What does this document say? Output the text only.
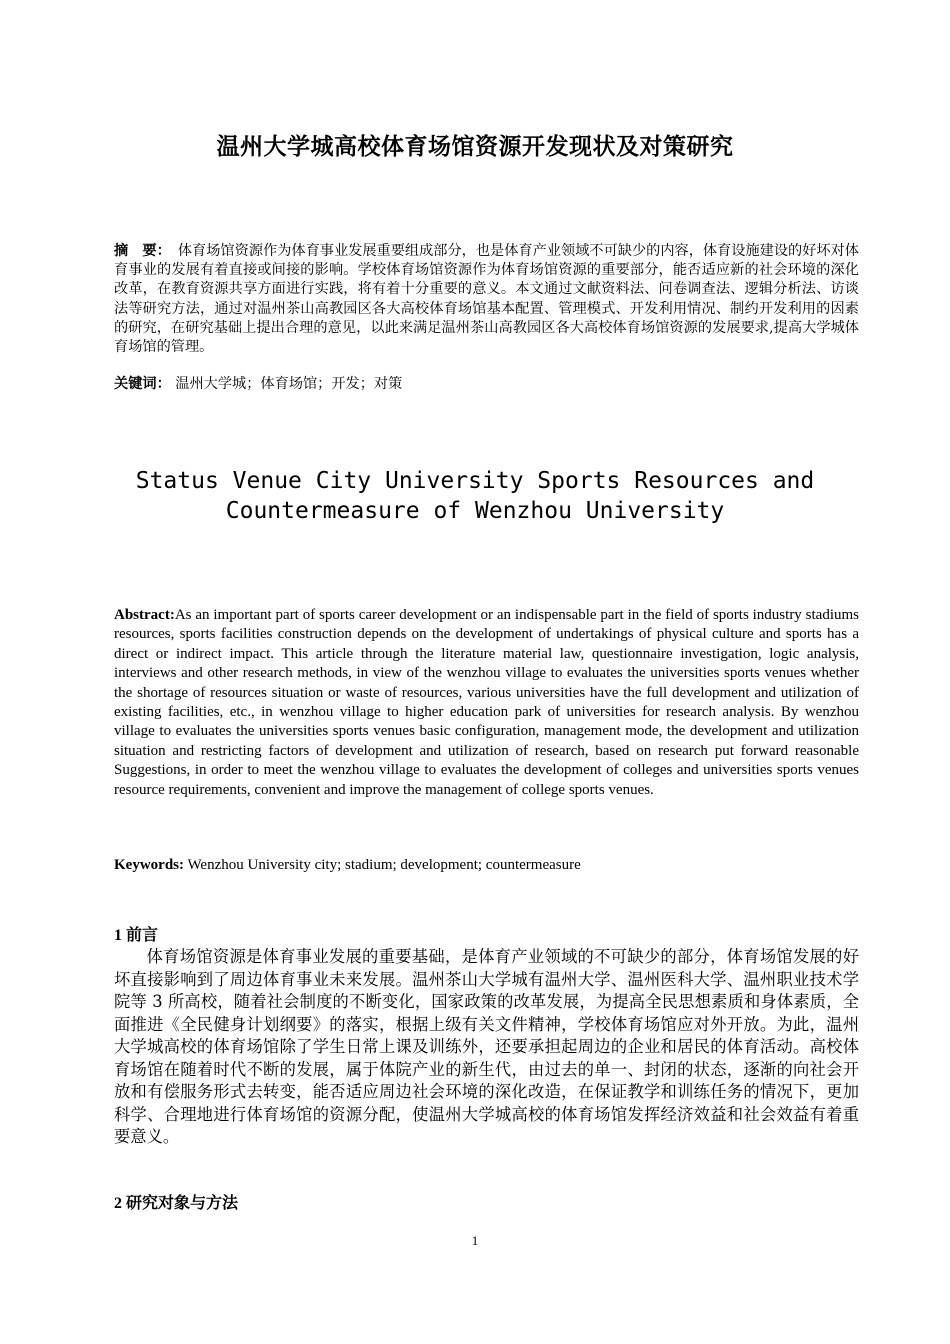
温州大学城高校体育场馆资源开发现状及对策研究
摘　要：　体育场馆资源作为体育事业发展重要组成部分，也是体育产业领域不可缺少的内容，体育设施建设的好坏对体育事业的发展有着直接或间接的影响。学校体育场馆资源作为体育场馆资源的重要部分，能否适应新的社会环境的深化改革，在教育资源共享方面进行实践，将有着十分重要的意义。本文通过文献资料法、问卷调查法、逻辑分析法、访谈法等研究方法，通过对温州茶山高教园区各大高校体育场馆基本配置、管理模式、开发利用情况、制约开发利用的因素的研究，在研究基础上提出合理的意见，以此来满足温州茶山高教园区各大高校体育场馆资源的发展要求,提高大学城体育场馆的管理。
关键词： 温州大学城；体育场馆；开发；对策
Status Venue City University Sports Resources and
Countermeasure of Wenzhou University
Abstract:As an important part of sports career development or an indispensable part in the field of sports industry stadiums resources, sports facilities construction depends on the development of undertakings of physical culture and sports has a direct or indirect impact. This article through the literature material law, questionnaire investigation, logic analysis, interviews and other research methods, in view of the wenzhou village to evaluates the universities sports venues whether the shortage of resources situation or waste of resources, various universities have the full development and utilization of existing facilities, etc., in wenzhou village to higher education park of universities for research analysis. By wenzhou village to evaluates the universities sports venues basic configuration, management mode, the development and utilization situation and restricting factors of development and utilization of research, based on research put forward reasonable Suggestions, in order to meet the wenzhou village to evaluates the development of colleges and universities sports venues resource requirements, convenient and improve the management of college sports venues.
Keywords: Wenzhou University city; stadium; development; countermeasure
1 前言
体育场馆资源是体育事业发展的重要基础，是体育产业领域的不可缺少的部分，体育场馆发展的好坏直接影响到了周边体育事业未来发展。温州茶山大学城有温州大学、温州医科大学、温州职业技术学院等 3 所高校，随着社会制度的不断变化，国家政策的改革发展，为提高全民思想素质和身体素质，全面推进《全民健身计划纲要》的落实，根据上级有关文件精神，学校体育场馆应对外开放。为此，温州大学城高校的体育场馆除了学生日常上课及训练外，还要承担起周边的企业和居民的体育活动。高校体育场馆在随着时代不断的发展，属于体院产业的新生代，由过去的单一、封闭的状态，逐渐的向社会开放和有偿服务形式去转变，能否适应周边社会环境的深化改造，在保证教学和训练任务的情况下，更加科学、合理地进行体育场馆的资源分配，使温州大学城高校的体育场馆发挥经济效益和社会效益有着重要意义。
2 研究对象与方法
1
